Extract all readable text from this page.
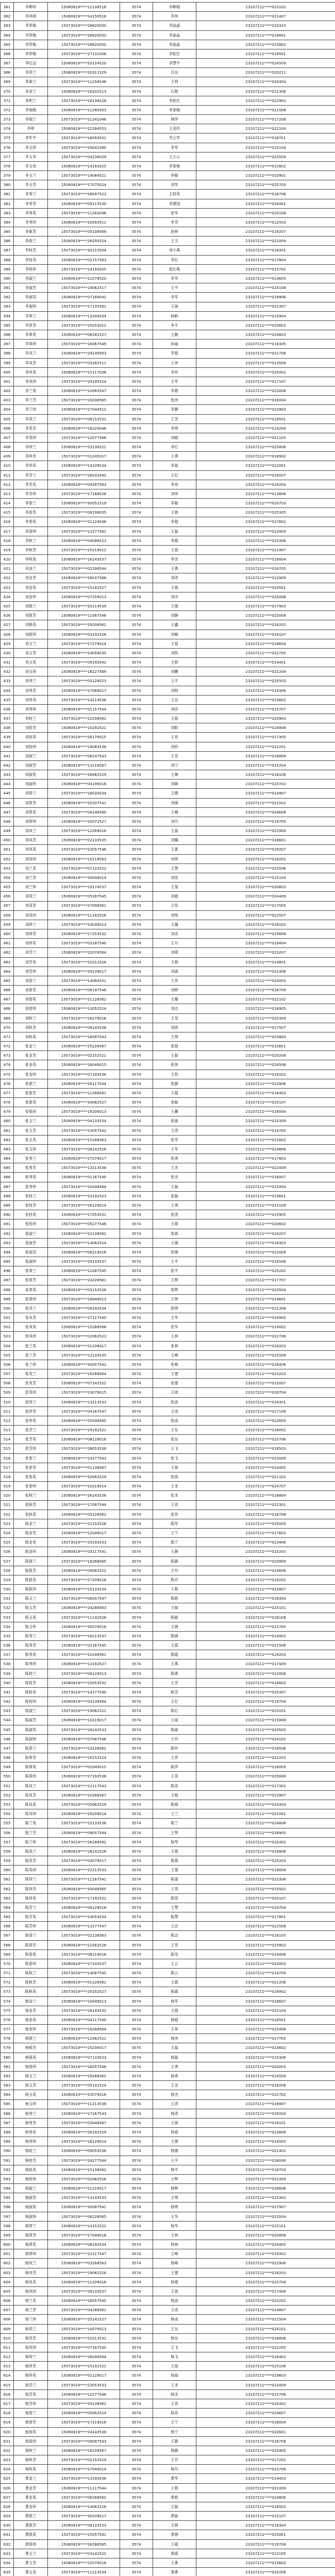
361	李柳珍	15080819****11138516	3574	李柳娟	23107211****023102
362	李伟锋	15080819****14150518	3574	李伟	23107211****021407
363	李带梅	15073019****26620050	3574	李晶晶	23107211****023310
364	李带梅	15073019****26620050	3574	李晶晶	23107211****018801
365	李带梅	15073019****26620050	3574	李晶晶	23107211****015802
366	李带梅	15073019****27131006	3574	李柏生	23107211****018501
367	李红运	15080819****20124520	3574	李慧平	23107211****024509
368	李荣兰	15080819****20311529	3574	吕东	23107211****020211
369	李海兰	15073019****11256546	3574	王利	23107211****024304
370	李金兰	15080819****16202513	3574	石艳	23107211****021306
371	李明兰	15073019****18136528	3574	李柏生	23107211****022902
372	李瑞梅	15080819****11280503	3574	李春梅	23107211****011508
373	李瑞兰	15073019****21241048	3574	林萍	23107211****017208
374	李明	15080819****22284553	3574	王美玲	23107211****022104
375	李军平	15073019****16093501	3574	李立军	23107211****018701
376	李玉珍	15073019****29041580	3574	李军	23107211****015104
377	李玉华	15073019****04238029	3574	王小云	23107211****023509
378	李玉凤	15080819****14293025	3574	李春梅	23107211****015802
379	李玉兰	15073019****14084521	3574	李敏	23107211****010901
380	李玉芳	15080819****17075024	3574	刘军	23107211****025703
381	李秀兰	15073019****28097523	3574	王桂英	23107211****016706
382	李秀芳	15080819****09115530	3574	李建国	23107211****024401
383	李秀英	15073019****11283046	3574	张军	23107211****020108
384	李秀珍	15080819****20093511	3574	李芳	23107211****012503
385	李素芳	15073019****05108569	3574	赵林	23107211****019207
386	李桂兰	15080819****26250524	3574	王文	23107211****021009
387	李桂芳	15073019****30115504	3574	刘小燕	23107211****016301
388	李桂英	15080819****02157563	3574	李红	23107211****017804
389	李桂珍	15073019****14193025	3574	张红梅	23107211****023702
390	李淑兰	15080819****21078520	3574	李华	23107211****014605
391	李淑芳	15073019****19062517	3574	王平	23107211****025108
392	李淑英	15080819****07169042	3574	李军	23107211****019906
393	李淑珍	15073019****27135581	3574	王丽	23107211****022307
394	李翠兰	15080819****13204534	3574	杨帆	23107211****015904
395	李翠芳	15073019****25053012	3574	李平	23107211****020602
396	李翠英	15080819****08281527	3574	王静	23107211****024803
397	李翠珍	15073019****16067549	3574	孙丽	23107211****018305
398	李凤兰	15080819****29149563	3574	李强	23107211****021706
399	李凤芳	15073019****03282511	3574	王伟	23107211****013509
400	李凤英	15080819****15117038	3574	李玲	23107211****025402
401	李凤珍	15073019****24195524	3574	王军	23107211****017107
402	李兰英	15080819****10063547	3574	李娟	23107211****022608
403	李兰芳	15073019****19208565	3574	张伟	23107211****016004
404	李兰珍	15080819****27044512	3574	李静	23107211****023903
405	李英兰	15073019****06152531	3574	王芳	23107211****019501
406	李英芳	15080819****18229046	3574	李明	23107211****014209
407	李英珍	15073019****12077568	3574	刘敏	23107211****021105
408	李珍兰	15080819****23136521	3574	李红	23107211****025806
409	李珍芳	15073019****01245017	3574	王勇	23107211****018902
410	李珍英	15080819****14109534	3574	李丽	23107211****022001
411	李芳兰	15073019****26033542	3574	王红	23107211****016507
412	李芳英	15080819****09287563	3574	李伟	23107211****024204
413	李芳珍	15073019****17168528	3574	刘伟	23107211****013808
414	李春兰	15080819****30052519	3574	李敏	23107211****020703
415	李春芳	15073019****08199035	3574	王娟	23107211****025305
416	李春英	15080819****21124546	3574	李超	23107211****017602
417	李春珍	15073019****13277561	3574	王磊	23107211****023409
418	李秋兰	15080819****04086523	3574	李霞	23107211****015306
419	李秋芳	15073019****25219012	3574	王斌	23107211****021907
420	李秋英	15080819****16143537	3574	李杰	23107211****019004
421	刘金兰	15073019****02298544	3574	王燕	23107211****024705
422	刘金芳	15080819****28037568	3574	刘涛	23107211****012909
423	刘金英	15073019****15182527	3574	王霞	23107211****020501
424	刘金珍	15080819****07259013	3574	刘洋	23107211****025006
425	刘银兰	15073019****20114539	3574	王刚	23107211****017903
426	刘银芳	15080819****11067546	3574	刘静	23107211****023008
427	刘银英	15073019****29208561	3574	王鑫	23107211****016202
428	刘银珍	15080819****03142528	3574	刘畅	23107211****024107
429	刘玉兰	15073019****17279014	3574	王瑶	23107211****018604
430	刘玉芳	15080819****24058535	3574	刘凯	23107211****022705
431	刘玉英	15073019****09193542	3574	王婷	23107211****014401
432	刘玉珍	15080819****18227569	3574	刘鹏	23107211****021209
433	刘秀兰	15073019****05128523	3574	王宇	23107211****025503
434	刘秀芳	15080819****27069017	3574	刘帅	23107211****019306
435	刘秀英	15073019****14214536	3574	王洁	23107211****023602
436	刘秀珍	15080819****01157544	3574	刘浩	23107211****015707
437	刘桂兰	15073019****22038562	3574	王晨	23107211****020904
438	刘桂芳	15080819****10292521	3574	刘阳	23107211****024908
439	刘桂英	15073019****26179015	3574	王欢	23107211****017305
440	刘桂珍	15080819****19083538	3574	刘欣	23107211****022201
441	刘淑兰	15073019****06247543	3574	王雪	23107211****016809
442	刘淑芳	15080819****13118567	3574	刘宁	23107211****025204
443	刘淑英	15073019****28062529	3574	王琳	23107211****018106
444	刘淑珍	15080819****04199016	3574	刘颖	23107211****023703
445	刘翠兰	15073019****16034534	3574	王健	23107211****014907
446	刘翠芳	15080819****25207541	3574	刘倩	23107211****021502
447	刘翠英	15073019****08148560	3574	王楠	23107211****024608
448	刘翠珍	15080819****20072527	3574	刘丹	23107211****019705
449	刘凤兰	15073019****12269018	3574	王晶	23107211****022909
450	刘凤芳	15080819****02133535	3574	刘璐	23107211****016601
451	刘凤英	15073019****23057546	3574	王蕾	23107211****025007
452	刘凤珍	15080819****15218563	3574	刘爽	23107211****018202
453	刘兰英	15073019****07122522	3574	王慧	23107211****023506
454	刘兰芳	15080819****30049014	3574	刘佳	23107211****015104
455	刘兰珍	15073019****19174537	3574	王旭	23107211****020803
456	刘英兰	15080819****05287545	3574	刘晨	23107211****024409
457	刘英芳	15073019****27098561	3574	王彤	23107211****017005
458	刘英珍	15080819****11162526	3574	刘悦	23107211****022507
459	刘珍兰	15073019****24039013	3574	王璐	23107211****016102
460	刘珍芳	15080819****17253532	3574	刘炎	23107211****025608
461	刘珍英	15073019****03187540	3574	王月	23107211****019404
462	刘芳兰	15080819****22078564	3574	刘萌	23107211****023207
463	刘芳英	15073019****10212528	3574	王晓	23107211****014801
464	刘芳珍	15080819****29139017	3574	刘森	23107211****021406
465	刘春兰	15073019****14064531	3574	王亮	23107211****024003
466	刘春芳	15080819****06197546	3574	刘婷	23107211****018709
467	刘春英	15073019****21128562	3574	王娜	23107211****022102
468	刘春珍	15080819****13052524	3574	刘洁	23107211****016905
469	刘秋兰	15073019****28279016	3574	王莹	23107211****025309
470	刘秋芳	15080819****09143538	3574	刘茜	23107211****017507
471	刘秋英	15073019****16087543	3574	王琪	23107211****023804
472	张金兰	15080819****25228567	3574	张强	23107211****015601
473	张金芳	15073019****02152521	3574	王毅	23107211****020208
474	张金英	15080819****18049015	3574	张伟	23107211****024506
475	张金珍	15073019****07193536	3574	王凯	23107211****019102
476	张银兰	15080819****26117544	3574	张静	23107211****022806
477	张银芳	15073019****11268561	3574	王超	23107211****016403
478	张银英	15080819****30062527	3574	张敏	23107211****025107
479	张银珍	15073019****19209013	3574	王鹏	23107211****018004
480	张玉兰	15080819****04133534	3574	张丽	23107211****023309
481	张玉芳	15073019****23057542	3574	王涛	23107211****014705
482	张玉英	15080819****15288563	3574	张军	23107211****021602
483	张玉珍	15073019****08142526	3574	王军	23107211****024806
484	张秀兰	15080819****27079017	3574	张勇	23107211****017803
485	张秀芳	15073019****13213538	3574	王杰	23107211****022409
486	张秀英	15080819****01167540	3574	张杰	23107211****016007
487	张秀珍	15073019****20048564	3574	王磊	23107211****025404
488	张桂兰	15080819****10192523	3574	张磊	23107211****019601
489	张桂芳	15073019****26129014	3574	王勇	23107211****023108
490	张桂英	15080819****17053531	3574	张涛	23107211****015905
491	张桂珍	15073019****05277546	3574	王斌	23107211****020602
492	张淑兰	15080819****22138562	3574	张斌	23107211****024207
493	张淑芳	15073019****14062524	3574	王刚	23107211****018303
494	张淑英	15080819****06219016	3574	张刚	23107211****022009
495	张淑珍	15073019****29143537	3574	王平	23107211****016506
496	张翠兰	15080819****11087545	3574	张平	23107211****025202
497	张翠芳	15073019****24228561	3574	王辉	23107211****017707
498	张翠英	15080819****03152528	3574	张辉	23107211****023504
499	张翠珍	15073019****18049013	3574	王明	23107211****014601
500	张凤兰	15080819****09193534	3574	张明	23107211****021308
501	张凤芳	15073019****27117540	3574	王华	23107211****024905
502	张凤英	15080819****15268566	3574	张华	23107211****019002
503	张凤珍	15073019****02062523	3574	王林	23107211****022706
504	张兰英	15080819****21209017	3574	张林	23107211****016203
505	张兰芳	15073019****12133535	3574	王峰	23107211****025509
506	张兰珍	15080819****30057542	3574	张峰	23107211****018406
507	张英兰	15073019****16288564	3574	王建	23107211****023203
508	张英芳	15080819****07142522	3574	张建	23107211****015007
509	张英珍	15073019****23079015	3574	王波	23107211****020704
510	张珍兰	15080819****13213533	3574	张波	23107211****024301
511	张珍芳	15073019****04167547	3574	王成	23107211****017108
512	张珍英	15080819****25048565	3574	张成	23107211****022605
513	张芳兰	15073019****19192521	3574	王东	23107211****016002
514	张芳英	15080819****08129016	3574	张东	23107211****025706
515	张芳珍	15073019****28053538	3574	王飞	23107211****019503
516	张春兰	15080819****14277543	3574	张飞	23107211****023009
517	张春芳	15073019****01138567	3574	王海	23107211****014405
518	张春英	15080819****20062529	3574	张海	23107211****021102
519	张春珍	15073019****10219014	3574	王龙	23107211****024707
520	张秋兰	15080819****26143536	3574	张龙	23107211****018804
521	张秋芳	15073019****17087544	3574	王亮	23107211****022301
522	张秋英	15080819****05228562	3574	张亮	23107211****016708
523	陈金兰	15073019****22152526	3574	陈军	23107211****025005
524	陈金芳	15080819****12049017	3574	王宁	23107211****017602
525	陈金英	15073019****29193533	3574	陈宁	23107211****023406
526	陈金珍	15080819****03117541	3574	王静	23107211****015203
527	陈银兰	15073019****18268565	3574	陈静	23107211****020909
528	陈银芳	15080819****09062522	3574	王丹	23107211****024606
529	陈银英	15073019****27209018	3574	陈丹	23107211****019202
530	陈银珍	15080819****15133534	3574	王艳	23107211****022807
531	陈玉兰	15073019****06057547	3574	陈艳	23107211****016304
532	陈玉芳	15080819****24288563	3574	王敏	23107211****025101
533	陈玉英	15073019****11142528	3574	陈敏	23107211****018108
534	陈玉珍	15080819****30079016	3574	王娟	23107211****023705
535	陈秀兰	15073019****16213537	3574	陈娟	23107211****014902
536	陈秀芳	15080819****02167545	3574	王霞	23107211****021506
537	陈秀英	15073019****21048561	3574	陈霞	23107211****024203
538	陈秀珍	15080819****13192527	3574	王燕	23107211****017409
539	陈桂兰	15073019****08129013	3574	陈燕	23107211****022006
540	陈桂芳	15080819****25053532	3574	王芳	23107211****016602
541	陈桂英	15073019****14277540	3574	陈芳	23107211****025307
542	陈桂珍	15080819****04138564	3574	王红	23107211****019704
543	陈淑兰	15073019****19062521	3574	陈红	23107211****023101
544	陈淑芳	15080819****10219017	3574	王丽	23107211****015808
545	陈淑英	15073019****28143533	3574	陈丽	23107211****020505
546	陈淑珍	15080819****07087546	3574	王玲	23107211****024102
547	陈翠兰	15073019****23228562	3574	陈玲	23107211****018506
548	陈翠芳	15080819****16152524	3574	王萍	23107211****022203
549	陈翠英	15073019****01049015	3574	陈萍	23107211****016009
550	陈翠珍	15080819****27193538	3574	王英	23107211****025606
551	陈凤兰	15073019****12117543	3574	陈英	23107211****017302
552	陈凤芳	15080819****20268567	3574	王梅	23107211****023907
553	陈凤英	15073019****05062529	3574	陈梅	23107211****014304
554	陈凤珍	15080819****29209014	3574	王兰	23107211****021001
555	陈兰英	15073019****15133536	3574	陈兰	23107211****024808
556	陈兰芳	15080819****09057544	3574	王琴	23107211****018905
557	陈兰珍	15073019****26288562	3574	陈琴	23107211****022402
558	陈英兰	15080819****18142526	3574	王菊	23107211****016806
559	陈英芳	15073019****03079017	3574	陈菊	23107211****025203
560	陈英珍	15080819****22213533	3574	王莲	23107211****019009
561	陈珍兰	15073019****11167541	3574	陈莲	23107211****023306
562	陈珍芳	15080819****30048565	3574	王荣	23107211****015502
563	陈珍英	15073019****17192522	3574	陈荣	23107211****020107
564	陈芳兰	15080819****06129018	3574	王慧	23107211****024704
565	陈芳英	15073019****24053534	3574	陈慧	23107211****017801
566	陈芳珍	15080819****13277547	3574	王洁	23107211****022508
567	陈春兰	15073019****02138563	3574	陈洁	23107211****016105
568	陈春芳	15080819****21062528	3574	王雪	23107211****025802
569	陈春英	15073019****08219016	3574	陈雪	23107211****019406
570	陈春珍	15080819****27143537	3574	王云	23107211****023003
571	陈秋兰	15073019****14087545	3574	陈云	23107211****014709
572	陈秋芳	15080819****01228561	3574	王霞	23107211****021206
573	陈秋英	15073019****20152527	3574	陈霞	23107211****024902
574	杨金兰	15080819****10049013	3574	杨军	23107211****018607
575	杨金芳	15073019****28193532	3574	王强	23107211****022104
576	杨金英	15080819****04117540	3574	杨强	23107211****016501
577	杨金珍	15073019****19268564	3574	王伟	23107211****025408
578	杨银兰	15080819****12062521	3574	杨伟	23107211****017705
579	杨银芳	15073019****25209017	3574	王磊	23107211****023602
580	杨银英	15080819****07133533	3574	杨磊	23107211****015306
581	杨银珍	15073019****16057546	3574	王勇	23107211****020003
582	杨玉兰	15080819****29288562	3574	杨勇	23107211****024509
583	杨玉芳	15073019****05142524	3574	王杰	23107211****018206
584	杨玉英	15080819****23079016	3574	杨杰	23107211****022702
585	杨玉珍	15073019****11213538	3574	王涛	23107211****016907
586	杨秀兰	15080819****17167543	3574	杨涛	23107211****025004
587	杨秀芳	15073019****03048567	3574	王斌	23107211****019101
588	杨秀英	15080819****26192529	3574	杨斌	23107211****023808
589	杨秀珍	15073019****18129014	3574	王刚	23107211****014505
590	杨桂兰	15080819****09053536	3574	杨刚	23107211****021402
591	杨桂芳	15073019****24277544	3574	王平	23107211****024006
592	杨桂英	15080819****15138562	3574	杨平	23107211****018703
593	杨桂珍	15073019****02062526	3574	王辉	23107211****022309
594	杨淑兰	15080819****21219017	3574	杨辉	23107211****016606
595	杨淑芳	15073019****13143533	3574	王明	23107211****025302
596	杨淑英	15080819****30087541	3574	杨明	23107211****017907
597	杨淑珍	15073019****06228565	3574	王华	23107211****023504
598	杨翠兰	15080819****14152522	3574	杨华	23107211****015101
599	杨翠芳	15073019****27049018	3574	王林	23107211****020808
600	杨翠英	15080819****08193534	3574	杨林	23107211****024405
601	杨翠珍	15073019****22117547	3574	王峰	23107211****019302
602	杨凤兰	15080819****03268563	3574	杨峰	23107211****022906
603	杨凤芳	15073019****19062528	3574	王建	23107211****016203
604	杨凤英	15080819****11209016	3574	杨建	23107211****025709
605	杨凤珍	15073019****28133537	3574	王波	23107211****017406
606	杨兰英	15080819****16057545	3574	杨波	23107211****023202
607	杨兰芳	15073019****04288561	3574	王成	23107211****014807
608	杨兰珍	15080819****25142527	3574	杨成	23107211****021504
609	杨英兰	15073019****10079013	3574	王东	23107211****024101
610	杨英芳	15080819****20213532	3574	杨东	23107211****018808
611	杨英珍	15073019****07167540	3574	王飞	23107211****022205
612	杨珍兰	15080819****26048564	3574	杨飞	23107211****016402
613	杨珍芳	15073019****15192521	3574	王海	23107211****025106
614	杨珍英	15080819****01129017	3574	杨海	23107211****019603
615	杨芳兰	15073019****23053533	3574	王龙	23107211****023409
616	杨芳英	15080819****12277546	3574	杨龙	23107211****015706
617	杨芳珍	15073019****29138562	3574	王亮	23107211****020302
618	杨春兰	15080819****05062524	3574	杨亮	23107211****024607
619	杨春芳	15073019****17219016	3574	王宁	23107211****018004
620	杨春英	15080819****24143538	3574	杨宁	23107211****022601
621	杨春珍	15073019****09087543	3574	王静	23107211****016708
622	杨秋兰	15080819****18228567	3574	杨静	23107211****025405
623	杨秋芳	15073019****02152529	3574	王丹	23107211****017202
624	杨秋英	15080819****27049014	3574	杨丹	23107211****023706
625	黄金兰	15073019****13193536	3574	黄军	23107211****014403
626	黄金芳	15080819****21117544	3574	王艳	23107211****021009
627	黄金英	15073019****06268562	3574	黄艳	23107211****024806
628	黄金珍	15080819****14062526	3574	王敏	23107211****018502
629	黄银兰	15073019****30209017	3574	黄敏	23107211****022107
630	黄银芳	15080819****08133533	3574	王娟	23107211****016304
631	黄银英	15073019****25057541	3574	黄娟	23107211****025001
632	黄银珍	15080819****16288565	3574	王霞	23107211****019708
633	黄玉兰	15073019****03142522	3574	黄霞	23107211****023105
634	黄玉芳	15080819****22079018	3574	王燕	23107211****015602
635	黄玉英	15073019****11213534	3574	黄燕	23107211****020206
